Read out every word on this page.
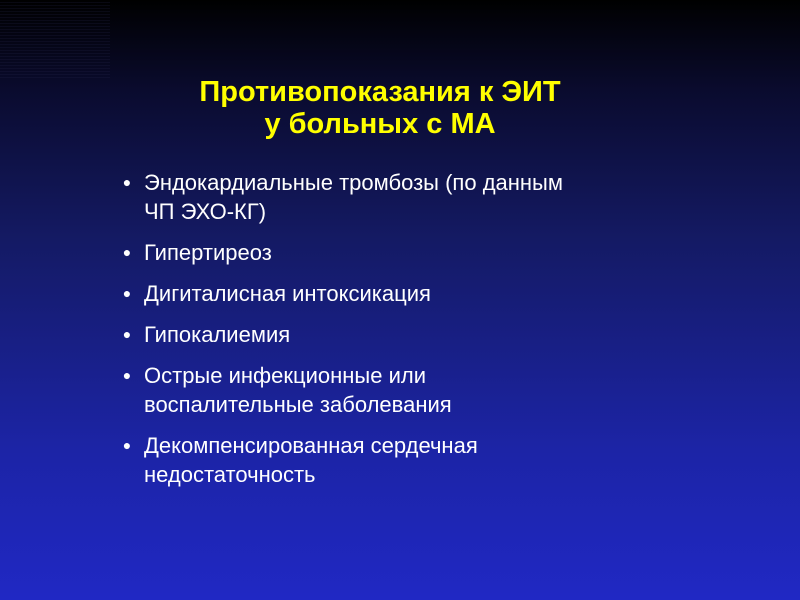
Противопоказания к ЭИТ
у больных с МА
● Эндокардиальные тромбозы (по данным
ЧП ЭХО-КГ)
● Гипертиреоз
● Дигиталисная интоксикация
● Гипокалиемия
● Острые инфекционные или
воспалительные заболевания
● Декомпенсированная сердечная
недостаточность
